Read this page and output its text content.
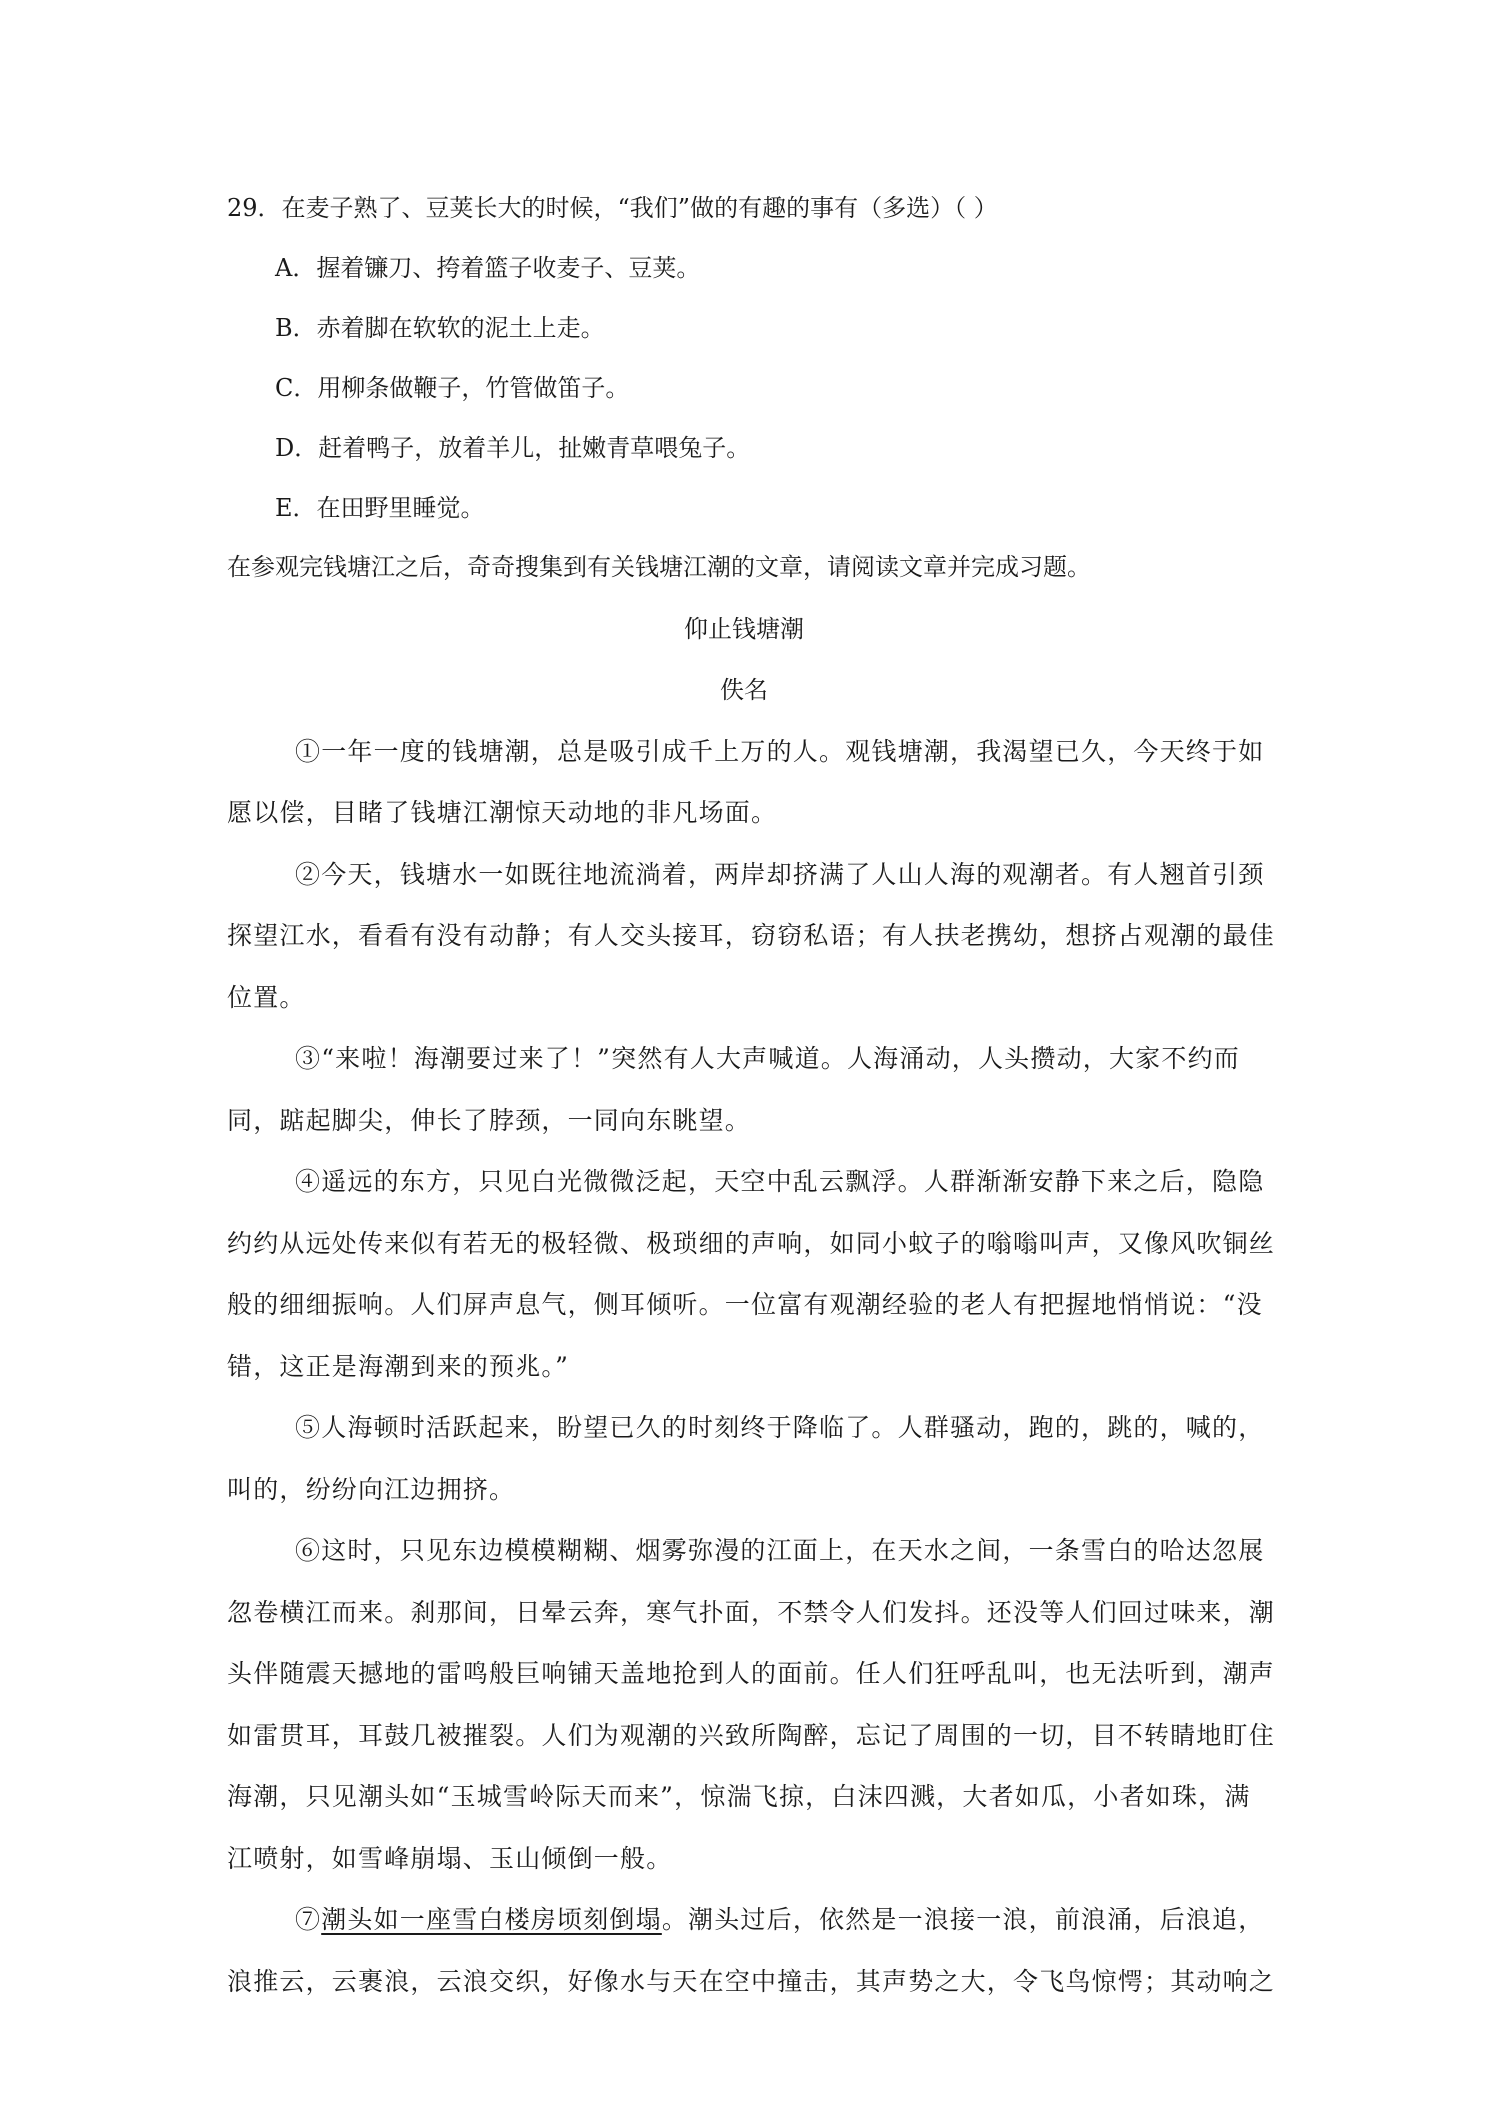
29．在麦子熟了、豆荚长大的时候，“我们”做的有趣的事有（多选）（ ）
A．握着镰刀、挎着篮子收麦子、豆荚。
B．赤着脚在软软的泥土上走。
C．用柳条做鞭子，竹管做笛子。
D．赶着鸭子，放着羊儿，扯嫩青草喂兔子。
E．在田野里睡觉。
在参观完钱塘江之后，奇奇搜集到有关钱塘江潮的文章，请阅读文章并完成习题。
仰止钱塘潮
佚名
①一年一度的钱塘潮，总是吸引成千上万的人。观钱塘潮，我渴望已久，今天终于如
愿以偿，目睹了钱塘江潮惊天动地的非凡场面。
②今天，钱塘水一如既往地流淌着，两岸却挤满了人山人海的观潮者。有人翘首引颈
探望江水，看看有没有动静；有人交头接耳，窃窃私语；有人扶老携幼，想挤占观潮的最佳
位置。
③“来啦！海潮要过来了！”突然有人大声喊道。人海涌动，人头攒动，大家不约而
同，踮起脚尖，伸长了脖颈，一同向东眺望。
④遥远的东方，只见白光微微泛起，天空中乱云飘浮。人群渐渐安静下来之后，隐隐
约约从远处传来似有若无的极轻微、极琐细的声响，如同小蚊子的嗡嗡叫声，又像风吹铜丝
般的细细振响。人们屏声息气，侧耳倾听。一位富有观潮经验的老人有把握地悄悄说：“没
错，这正是海潮到来的预兆。”
⑤人海顿时活跃起来，盼望已久的时刻终于降临了。人群骚动，跑的，跳的，喊的，
叫的，纷纷向江边拥挤。
⑥这时，只见东边模模糊糊、烟雾弥漫的江面上，在天水之间，一条雪白的哈达忽展
忽卷横江而来。刹那间，日晕云奔，寒气扑面，不禁令人们发抖。还没等人们回过味来，潮
头伴随震天撼地的雷鸣般巨响铺天盖地抢到人的面前。任人们狂呼乱叫，也无法听到，潮声
如雷贯耳，耳鼓几被摧裂。人们为观潮的兴致所陶醉，忘记了周围的一切，目不转睛地盯住
海潮，只见潮头如“玉城雪岭际天而来”，惊湍飞掠，白沫四溅，大者如瓜，小者如珠，满
江喷射，如雪峰崩塌、玉山倾倒一般。
⑦潮头如一座雪白楼房顷刻倒塌。潮头过后，依然是一浪接一浪，前浪涌，后浪追，
浪推云，云裹浪，云浪交织，好像水与天在空中撞击，其声势之大，令飞鸟惊愕；其动响之
